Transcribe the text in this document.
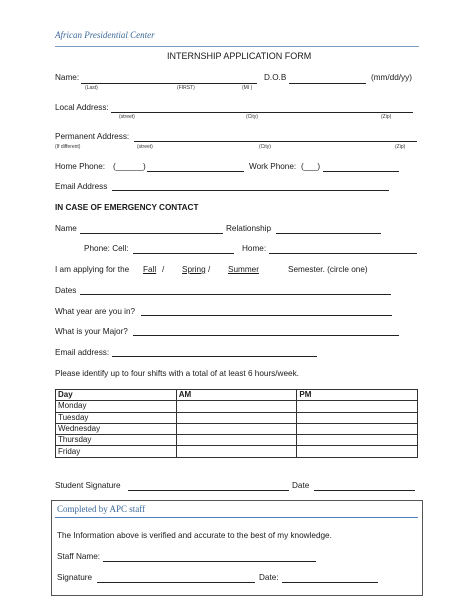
African Presidential Center
INTERNSHIP APPLICATION FORM
Name:
(Last)	(FIRST)	(MI )
D.O.B	(mm/dd/yy)
Local Address:
(street)	(City)	(Zip)
Permanent Address:
(If different)	(street)	(City)	(Zip)
Home Phone: (______)	Work Phone: (___)
Email Address
IN CASE OF EMERGENCY CONTACT
Name	Relationship
Phone: Cell:	Home:
I am applying for the Fall / Spring / Summer	Semester. (circle one)
Dates
What year are you in?
What is your Major?
Email address:
Please identify up to four shifts with a total of at least 6 hours/week.
Day	AM	PM
Monday		
Tuesday		
Wednesday		
Thursday		
Friday		
Student Signature	Date
Completed by APC staff
The Information above is verified and accurate to the best of my knowledge.
Staff Name:
Signature	Date:
